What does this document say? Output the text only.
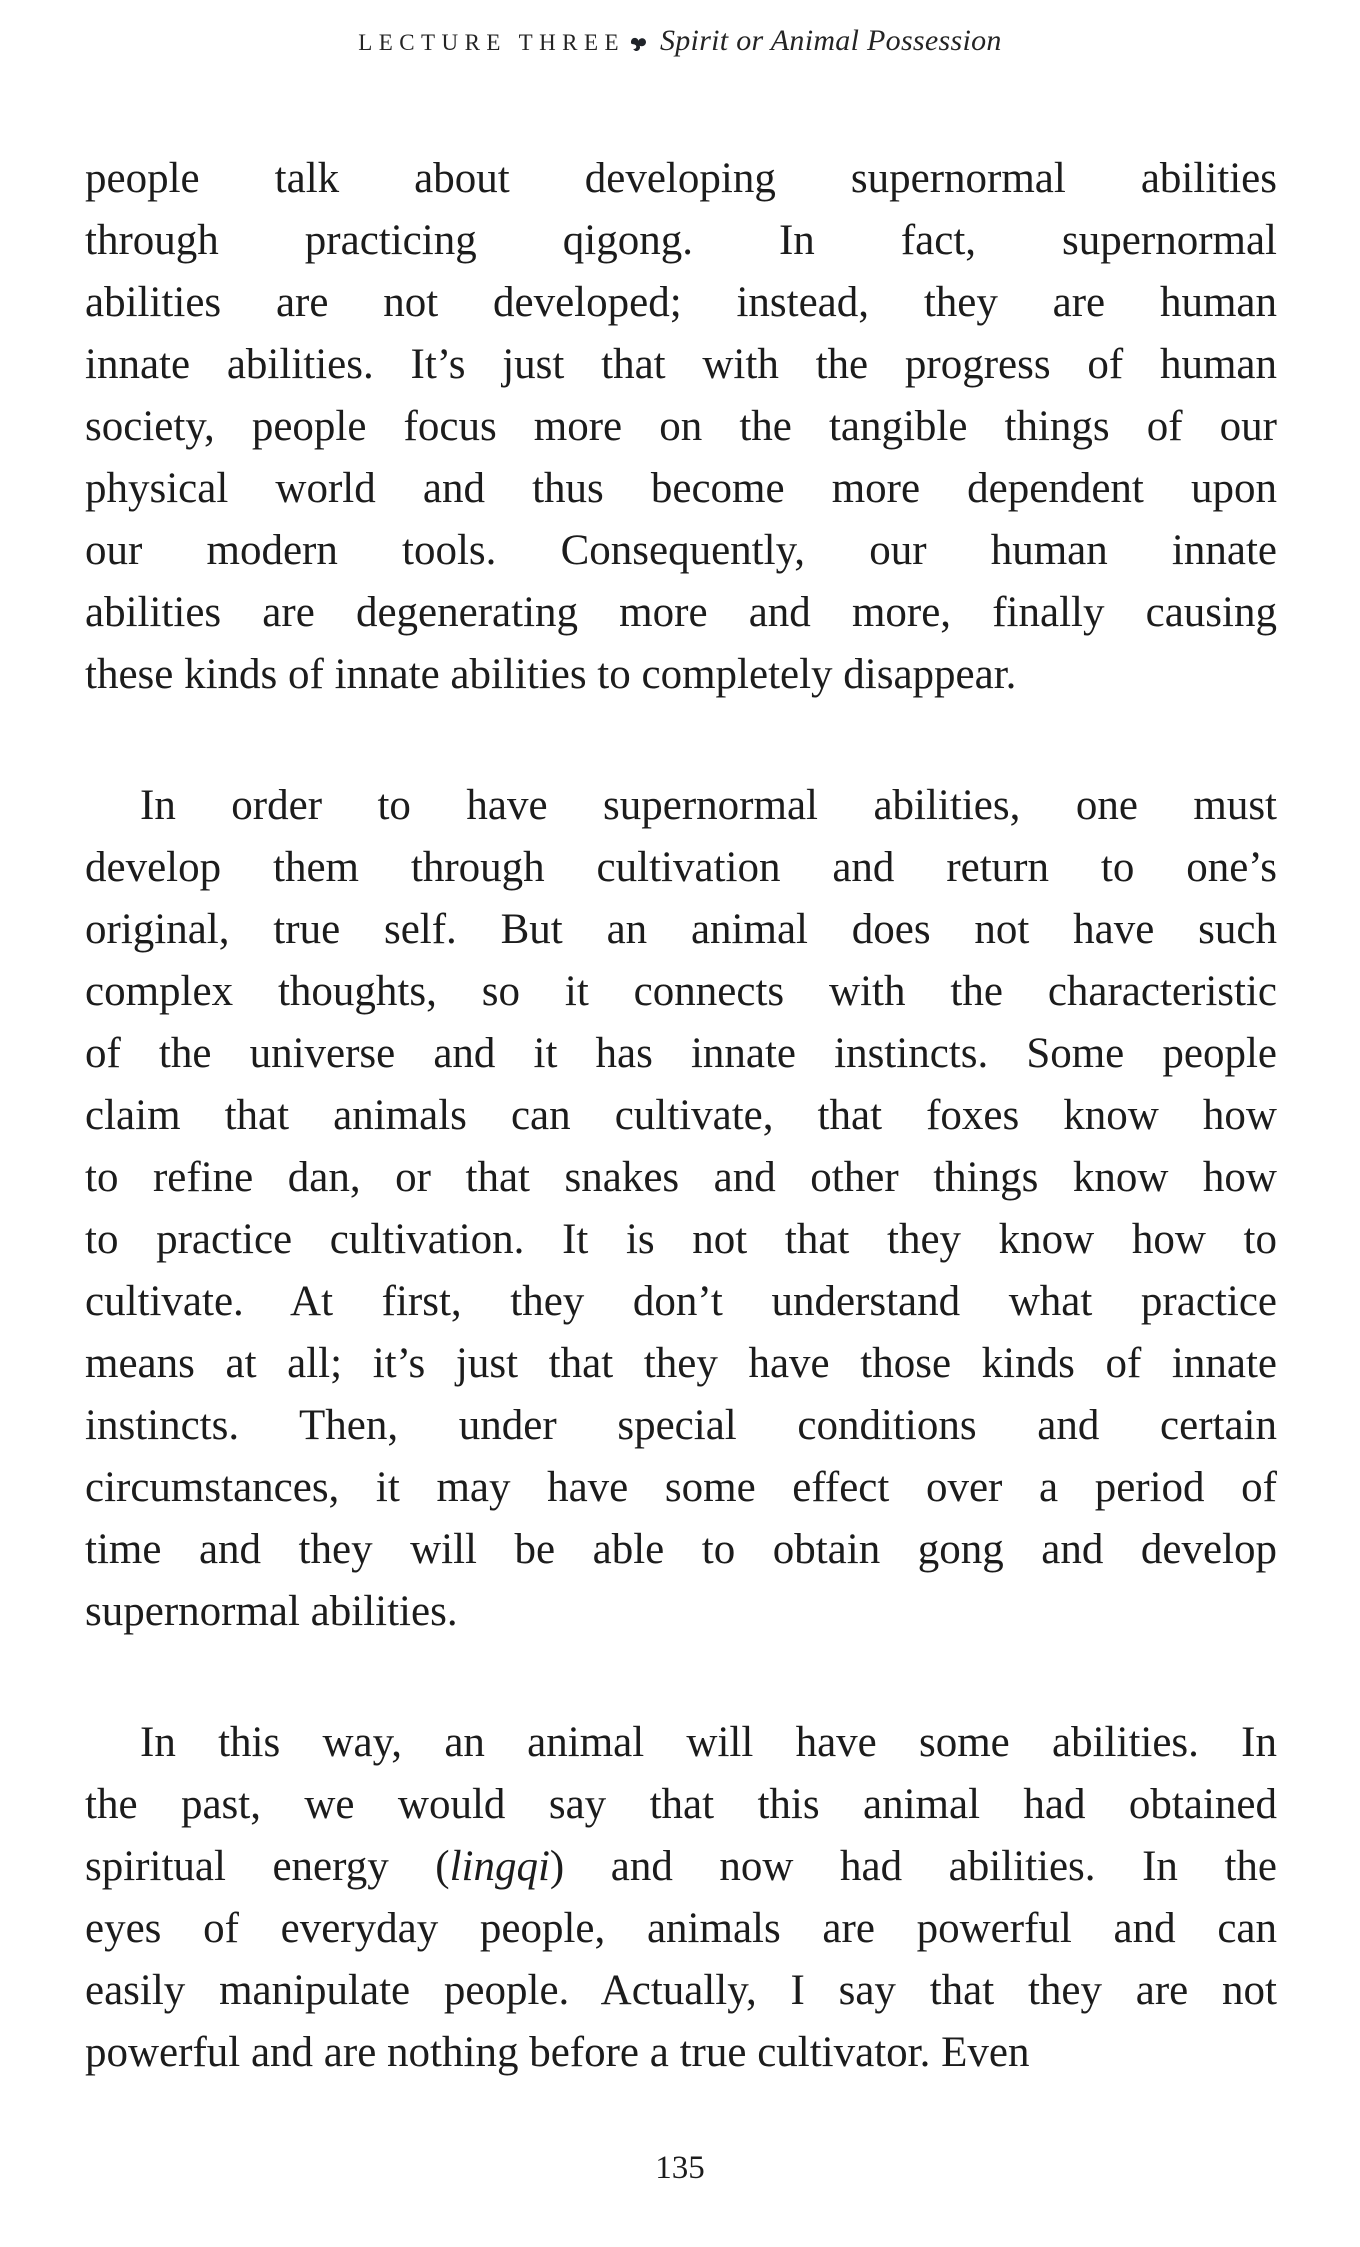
LECTURE THREE Spirit or Animal Possession
people talk about developing supernormal abilities
through practicing qigong. In fact, supernormal
abilities are not developed; instead, they are human
innate abilities. It’s just that with the progress of human
society, people focus more on the tangible things of our
physical world and thus become more dependent upon
our modern tools. Consequently, our human innate
abilities are degenerating more and more, finally causing
these kinds of innate abilities to completely disappear.
In order to have supernormal abilities, one must
develop them through cultivation and return to one’s
original, true self. But an animal does not have such
complex thoughts, so it connects with the characteristic
of the universe and it has innate instincts. Some people
claim that animals can cultivate, that foxes know how
to refine dan, or that snakes and other things know how
to practice cultivation. It is not that they know how to
cultivate. At first, they don’t understand what practice
means at all; it’s just that they have those kinds of innate
instincts. Then, under special conditions and certain
circumstances, it may have some effect over a period of
time and they will be able to obtain gong and develop
supernormal abilities.
In this way, an animal will have some abilities. In
the past, we would say that this animal had obtained
spiritual energy (lingqi) and now had abilities. In the
eyes of everyday people, animals are powerful and can
easily manipulate people. Actually, I say that they are not
powerful and are nothing before a true cultivator. Even
135
